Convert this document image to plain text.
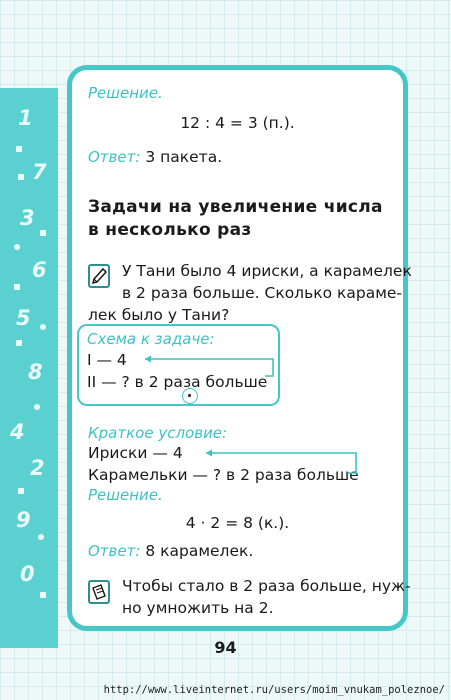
1
7
3
6
5
8
4
2
9
0

Решение.

12 : 4 = 3 (п.).

Ответ: 3 пакета.

Задачи на увеличение числа

в несколько раз

У Тани было 4 ириски, а карамелек

в 2 раза больше. Сколько карамe-

лек было у Тани?

Схема к задаче:

I — 4

II — ? в 2 раза больше

Краткое условие:

Ириски — 4

Карамельки — ? в 2 раза больше

Решение.

4 · 2 = 8 (к.).

Ответ: 8 карамелек.

Чтобы стало в 2 раза больше, нуж-

но умножить на 2.

94
http://www.liveinternet.ru/users/moim_vnukam_poleznoe/
